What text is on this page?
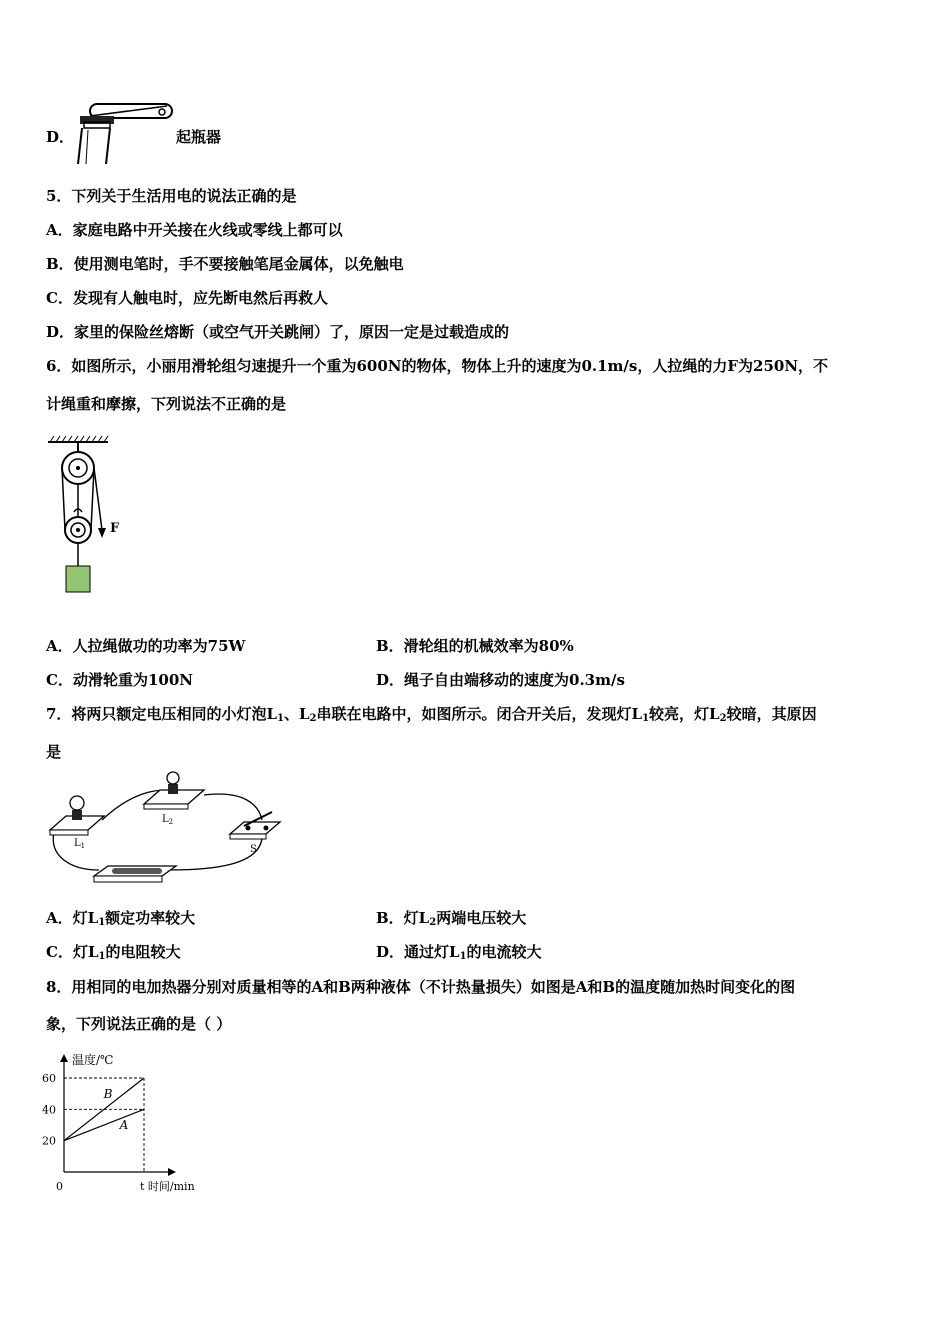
D．	起瓶器
5．下列关于生活用电的说法正确的是
A．家庭电路中开关接在火线或零线上都可以
B．使用测电笔时，手不要接触笔尾金属体，以免触电
C．发现有人触电时，应先断电然后再救人
D．家里的保险丝熔断（或空气开关跳闸）了，原因一定是过载造成的
6．如图所示，小丽用滑轮组匀速提升一个重为600N的物体，物体上升的速度为0.1m/s，人拉绳的力F为250N，不
计绳重和摩擦，下列说法不正确的是
F
A．人拉绳做功的功率为75W	B．滑轮组的机械效率为80%
C．动滑轮重为100N	D．绳子自由端移动的速度为0.3m/s
7．将两只额定电压相同的小灯泡$L_1$、$L_2$串联在电路中，如图所示。闭合开关后，发现灯$L_1$较亮，灯$L_2$较暗，其原因
是
$L_1$
$L_2$
S
A．灯$L_1$额定功率较大	B．灯$L_2$两端电压较大
C．灯$L_1$的电阻较大	D．通过灯$L_1$的电流较大
8．用相同的电加热器分别对质量相等的A和B两种液体（不计热量损失）如图是A和B的温度随加热时间变化的图
象，下列说法正确的是（ ）
温度/℃
t 时间/min
0
20
40
60
B
A
